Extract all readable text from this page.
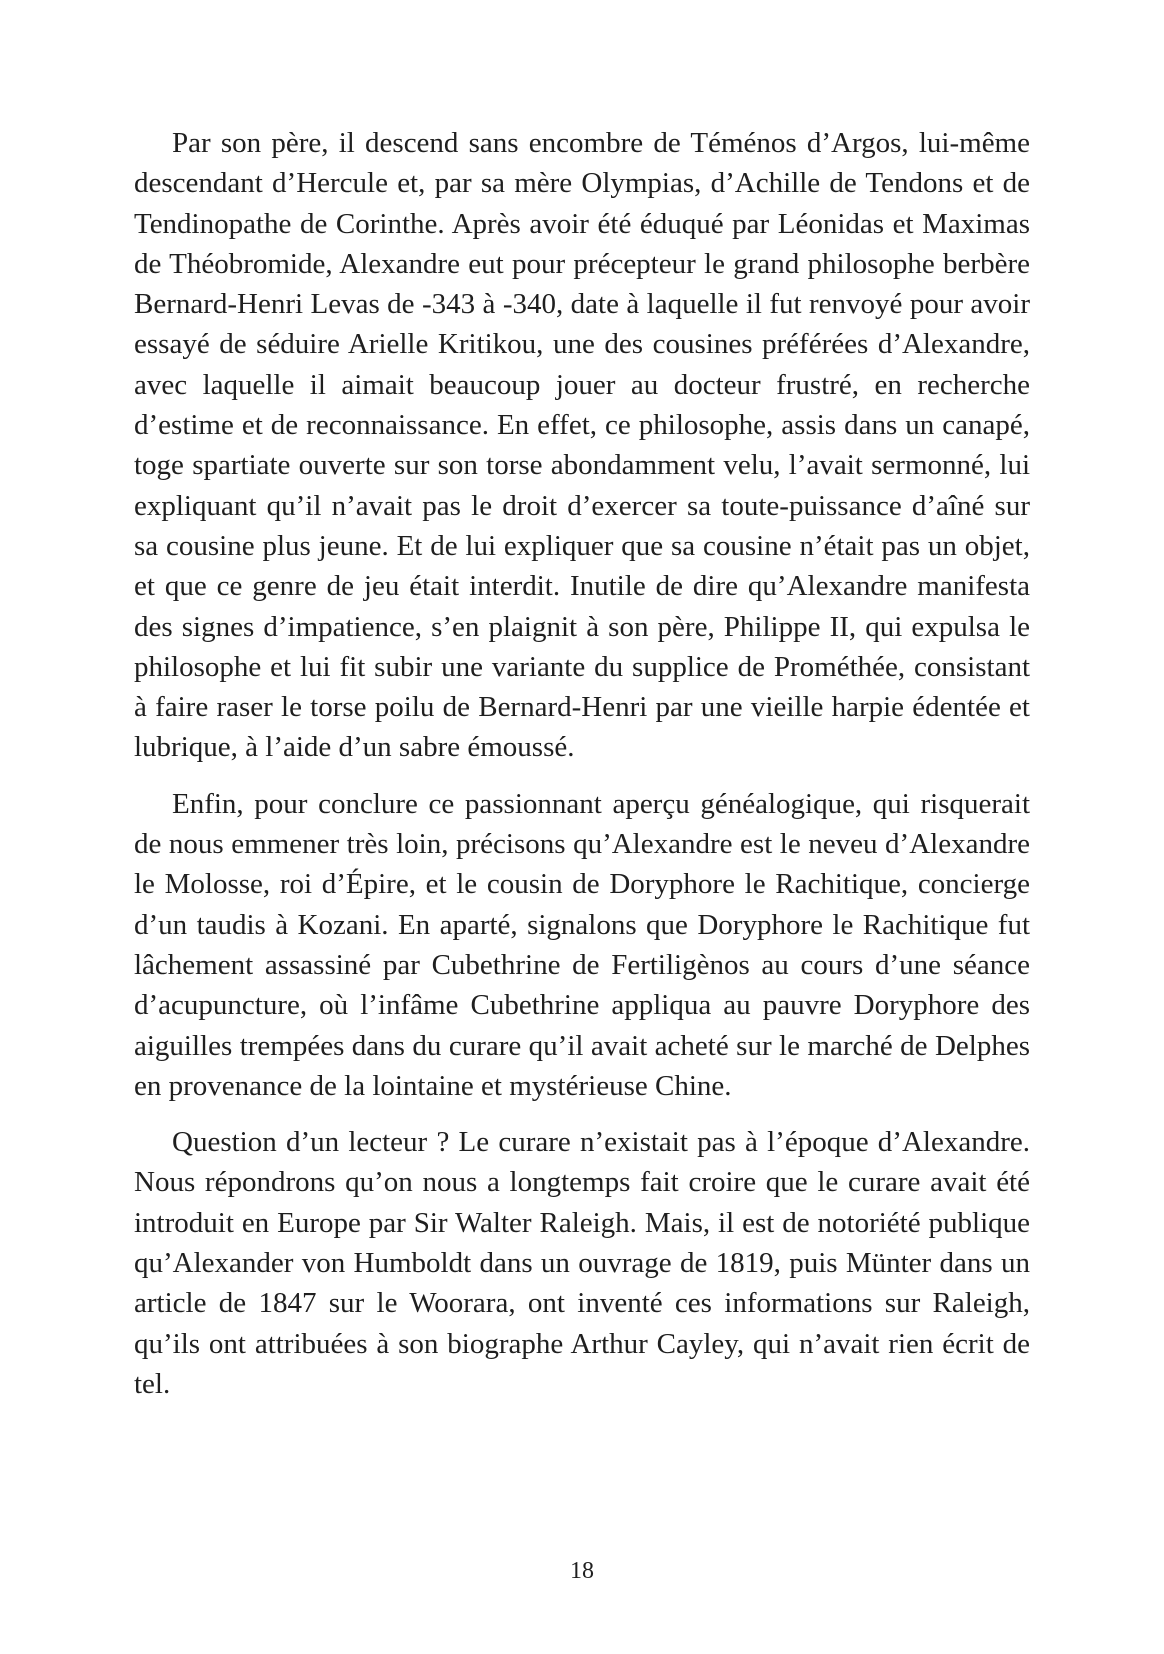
Par son père, il descend sans encombre de Téménos d’Argos, lui-même descendant d’Hercule et, par sa mère Olympias, d’Achille de Tendons et de Tendinopathe de Corinthe. Après avoir été éduqué par Léonidas et Maximas de Théobromide, Alexandre eut pour précepteur le grand philosophe berbère Bernard-Henri Levas de -343 à -340, date à laquelle il fut renvoyé pour avoir essayé de séduire Arielle Kritikou, une des cousines préférées d’Alexandre, avec laquelle il aimait beaucoup jouer au docteur frustré, en recherche d’estime et de reconnaissance. En effet, ce philosophe, assis dans un canapé, toge spartiate ouverte sur son torse abondamment velu, l’avait sermonné, lui expliquant qu’il n’avait pas le droit d’exercer sa toute-puissance d’aîné sur sa cousine plus jeune. Et de lui expliquer que sa cousine n’était pas un objet, et que ce genre de jeu était interdit. Inutile de dire qu’Alexandre manifesta des signes d’impatience, s’en plaignit à son père, Philippe II, qui expulsa le philosophe et lui fit subir une variante du supplice de Prométhée, consistant à faire raser le torse poilu de Bernard-Henri par une vieille harpie édentée et lubrique, à l’aide d’un sabre émoussé.

Enfin, pour conclure ce passionnant aperçu généalogique, qui risquerait de nous emmener très loin, précisons qu’Alexandre est le neveu d’Alexandre le Molosse, roi d’Épire, et le cousin de Doryphore le Rachitique, concierge d’un taudis à Kozani. En aparté, signalons que Doryphore le Rachitique fut lâchement assassiné par Cubethrine de Fertiligènos au cours d’une séance d’acupuncture, où l’infâme Cubethrine appliqua au pauvre Doryphore des aiguilles trempées dans du curare qu’il avait acheté sur le marché de Delphes en provenance de la lointaine et mystérieuse Chine.

Question d’un lecteur ? Le curare n’existait pas à l’époque d’Alexandre. Nous répondrons qu’on nous a longtemps fait croire que le curare avait été introduit en Europe par Sir Walter Raleigh. Mais, il est de notoriété publique qu’Alexander von Humboldt dans un ouvrage de 1819, puis Münter dans un article de 1847 sur le Woorara, ont inventé ces informations sur Raleigh, qu’ils ont attribuées à son biographe Arthur Cayley, qui n’avait rien écrit de tel.

18
